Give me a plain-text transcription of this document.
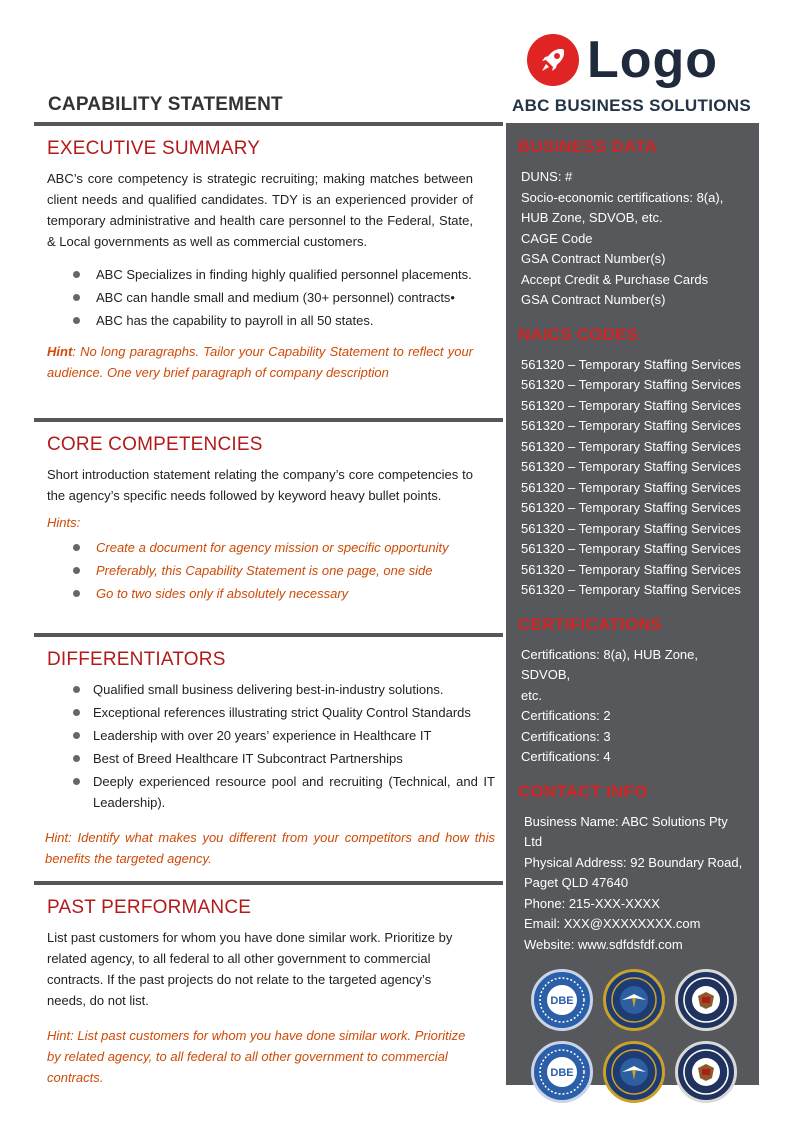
CAPABILITY STATEMENT
Logo
ABC BUSINESS SOLUTIONS
EXECUTIVE SUMMARY

ABC’s core competency is strategic recruiting; making matches between client needs and qualified candidates. TDY is an experienced provider of temporary administrative and health care personnel to the Federal, State, & Local governments as well as commercial customers.

ABC Specializes in finding highly qualified personnel placements.
ABC can handle small and medium (30+ personnel) contracts•
ABC has the capability to payroll in all 50 states.
Hint: No long paragraphs. Tailor your Capability Statement to reflect your audience. One very brief paragraph of company description
CORE COMPETENCIES

Short introduction statement relating the company’s core competencies to the agency’s specific needs followed by keyword heavy bullet points.

Hints:
Create a document for agency mission or specific opportunity
Preferably, this Capability Statement is one page, one side
Go to two sides only if absolutely necessary
DIFFERENTIATORS
Qualified small business delivering best-in-industry solutions.
Exceptional references illustrating strict Quality Control Standards
Leadership with over 20 years’ experience in Healthcare IT
Best of Breed Healthcare IT Subcontract Partnerships
Deeply experienced resource pool and recruiting (Technical, and IT Leadership).
Hint: Identify what makes you different from your competitors and how this benefits the targeted agency.
PAST PERFORMANCE

List past customers for whom you have done similar work. Prioritize by related agency, to all federal to all other government to commercial contracts. If the past projects do not relate to the targeted agency’s needs, do not list.

Hint: List past customers for whom you have done similar work. Prioritize by related agency, to all federal to all other government to commercial contracts.
BUSINESS DATA
DUNS: #
Socio-economic certifications: 8(a),
HUB Zone, SDVOB, etc.
CAGE Code
GSA Contract Number(s)
Accept Credit & Purchase Cards
GSA Contract Number(s)
NAICS CODES
561320 – Temporary Staffing Services
561320 – Temporary Staffing Services
561320 – Temporary Staffing Services
561320 – Temporary Staffing Services
561320 – Temporary Staffing Services
561320 – Temporary Staffing Services
561320 – Temporary Staffing Services
561320 – Temporary Staffing Services
561320 – Temporary Staffing Services
561320 – Temporary Staffing Services
561320 – Temporary Staffing Services
561320 – Temporary Staffing Services
CERTIFICATIONS
Certifications: 8(a), HUB Zone, SDVOB,
etc.
Certifications: 2
Certifications: 3
Certifications: 4
CONTACT INFO
Business Name: ABC Solutions Pty Ltd
Physical Address: 92 Boundary Road,
Paget QLD 47640
Phone: 215-XXX-XXXX
Email: XXX@XXXXXXXX.com
Website: www.sdfdsfdf.com
DBE
DBE
